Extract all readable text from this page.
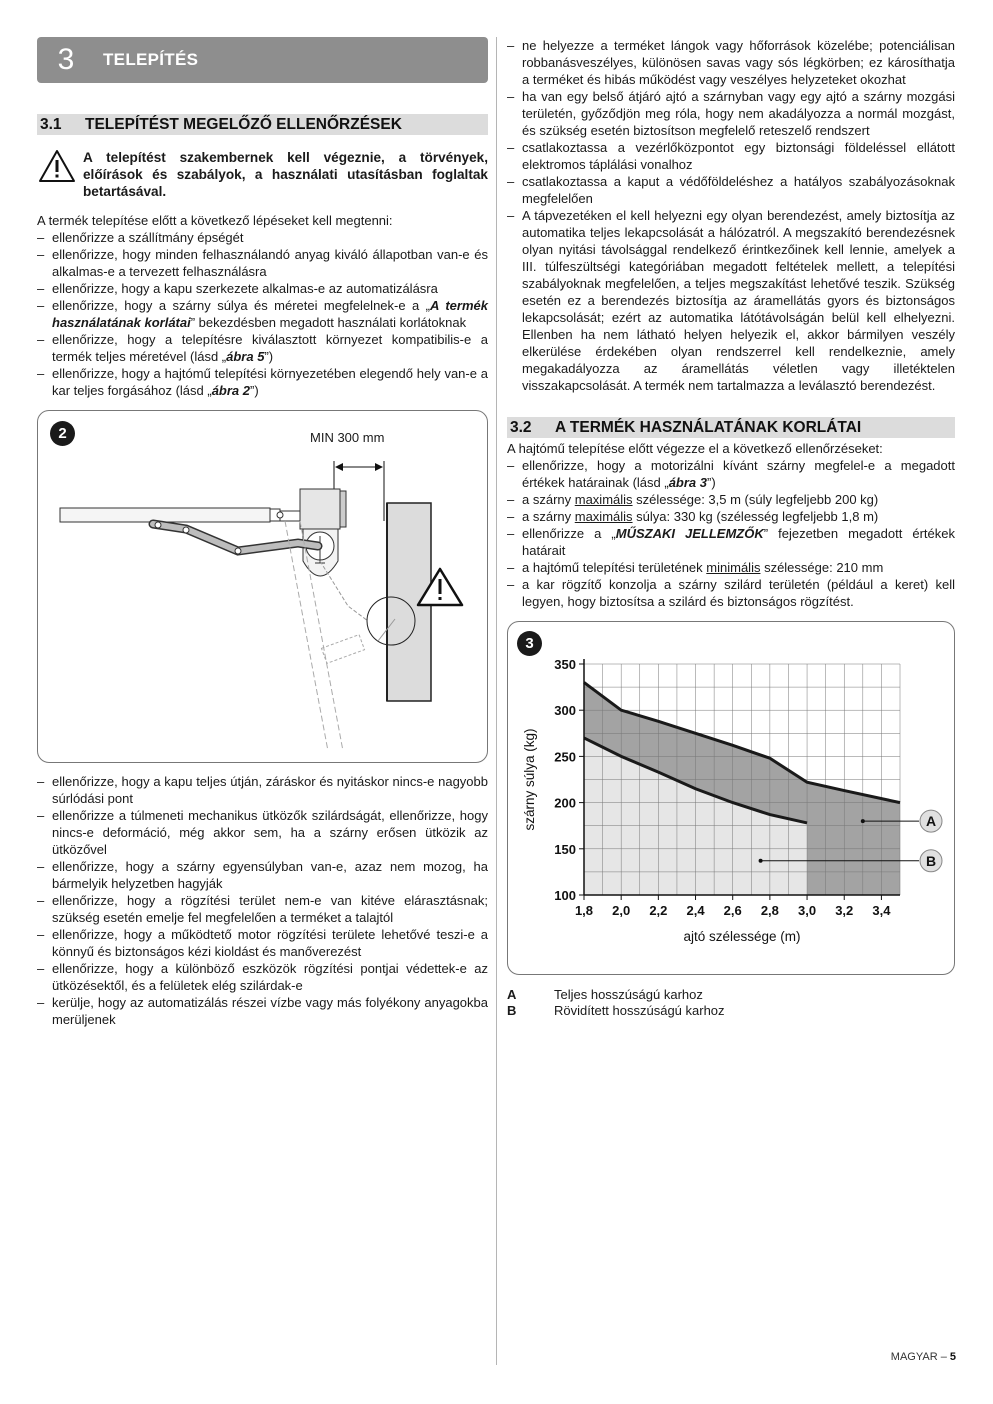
3	TELEPÍTÉS
3.1	TELEPÍTÉST MEGELŐZŐ ELLENŐRZÉSEK

A telepítést szakembernek kell végeznie, a törvények, előírások és szabályok, a használati utasításban foglaltak betartásával.

A termék telepítése előtt a következő lépéseket kell megtenni:

– ellenőrizze a szállítmány épségét
– ellenőrizze, hogy minden felhasználandó anyag kiváló állapotban van-e és alkalmas-e a tervezett felhasználásra
– ellenőrizze, hogy a kapu szerkezete alkalmas-e az automatizálásra
– ellenőrizze, hogy a szárny súlya és méretei megfelelnek-e a „A termék használatának korlátai” bekezdésben megadott használati korlátoknak
– ellenőrizze, hogy a telepítésre kiválasztott környezet kompatibilis-e a termék teljes méretével (lásd „ábra 5”)
– ellenőrizze, hogy a hajtómű telepítési környezetében elegendő hely van-e a kar teljes forgásához (lásd „ábra 2”)
2	MIN 300 mm
– ellenőrizze, hogy a kapu teljes útján, záráskor és nyitáskor nincs-e nagyobb súrlódási pont
– ellenőrizze a túlmeneti mechanikus ütközők szilárdságát, ellenőrizze, hogy nincs-e deformáció, még akkor sem, ha a szárny erősen ütközik az ütközővel
– ellenőrizze, hogy a szárny egyensúlyban van-e, azaz nem mozog, ha bármelyik helyzetben hagyják
– ellenőrizze, hogy a rögzítési terület nem-e van kitéve elárasztásnak; szükség esetén emelje fel megfelelően a terméket a talajtól
– ellenőrizze, hogy a működtető motor rögzítési területe lehetővé teszi-e a könnyű és biztonságos kézi kioldást és manőverezést
– ellenőrizze, hogy a különböző eszközök rögzítési pontjai védettek-e az ütközésektől, és a felületek elég szilárdak-e
– kerülje, hogy az automatizálás részei vízbe vagy más folyékony anyagokba merüljenek
– ne helyezze a terméket lángok vagy hőforrások közelébe; potenciálisan robbanásveszélyes, különösen savas vagy sós légkörben; ez károsíthatja a terméket és hibás működést vagy veszélyes helyzeteket okozhat
– ha van egy belső átjáró ajtó a szárnyban vagy egy ajtó a szárny mozgási területén, győződjön meg róla, hogy nem akadályozza a normál mozgást, és szükség esetén biztosítson megfelelő reteszelő rendszert
– csatlakoztassa a vezérlőközpontot egy biztonsági földeléssel ellátott elektromos táplálási vonalhoz
– csatlakoztassa a kaput a védőföldeléshez a hatályos szabályozásoknak megfelelően
– A tápvezetéken el kell helyezni egy olyan berendezést, amely biztosítja az automatika teljes lekapcsolását a hálózatról. A megszakító berendezésnek olyan nyitási távolsággal rendelkező érintkezőinek kell lennie, amelyek a III. túlfeszültségi kategóriában megadott feltételek mellett, a telepítési szabályoknak megfelelően, a teljes megszakítást lehetővé teszik. Szükség esetén ez a berendezés biztosítja az áramellátás gyors és biztonságos lekapcsolását; ezért az automatika látótávolságán belül kell elhelyezni. Ellenben ha nem látható helyen helyezik el, akkor bármilyen veszély elkerülése érdekében olyan rendszerrel kell rendelkeznie, amely megakadályozza az áramellátás véletlen vagy illetéktelen visszakapcsolását. A termék nem tartalmazza a leválasztó berendezést.
3.2	A TERMÉK HASZNÁLATÁNAK KORLÁTAI

A hajtómű telepítése előtt végezze el a következő ellenőrzéseket:

– ellenőrizze, hogy a motorizálni kívánt szárny megfelel-e a megadott értékek határainak (lásd „ábra 3”)
– a szárny maximális szélessége: 3,5 m (súly legfeljebb 200 kg)
– a szárny maximális súlya: 330 kg (szélesség legfeljebb 1,8 m)
– ellenőrizze a „MŰSZAKI JELLEMZŐK” fejezetben megadott értékek határait
– a hajtómű telepítési területének minimális szélessége: 210 mm
– a kar rögzítő konzolja a szárny szilárd területén (például a keret) kell legyen, hogy biztosítsa a szilárd és biztonságos rögzítést.
3
350
300
250
200
150
100
1,8 2,0 2,2 2,4 2,6 2,8 3,0 3,2 3,4
ajtó szélessége (m)
szárny súlya (kg)	A
B
A	Teljes hosszúságú karhoz
B	Rövidített hosszúságú karhoz
MAGYAR – 5
